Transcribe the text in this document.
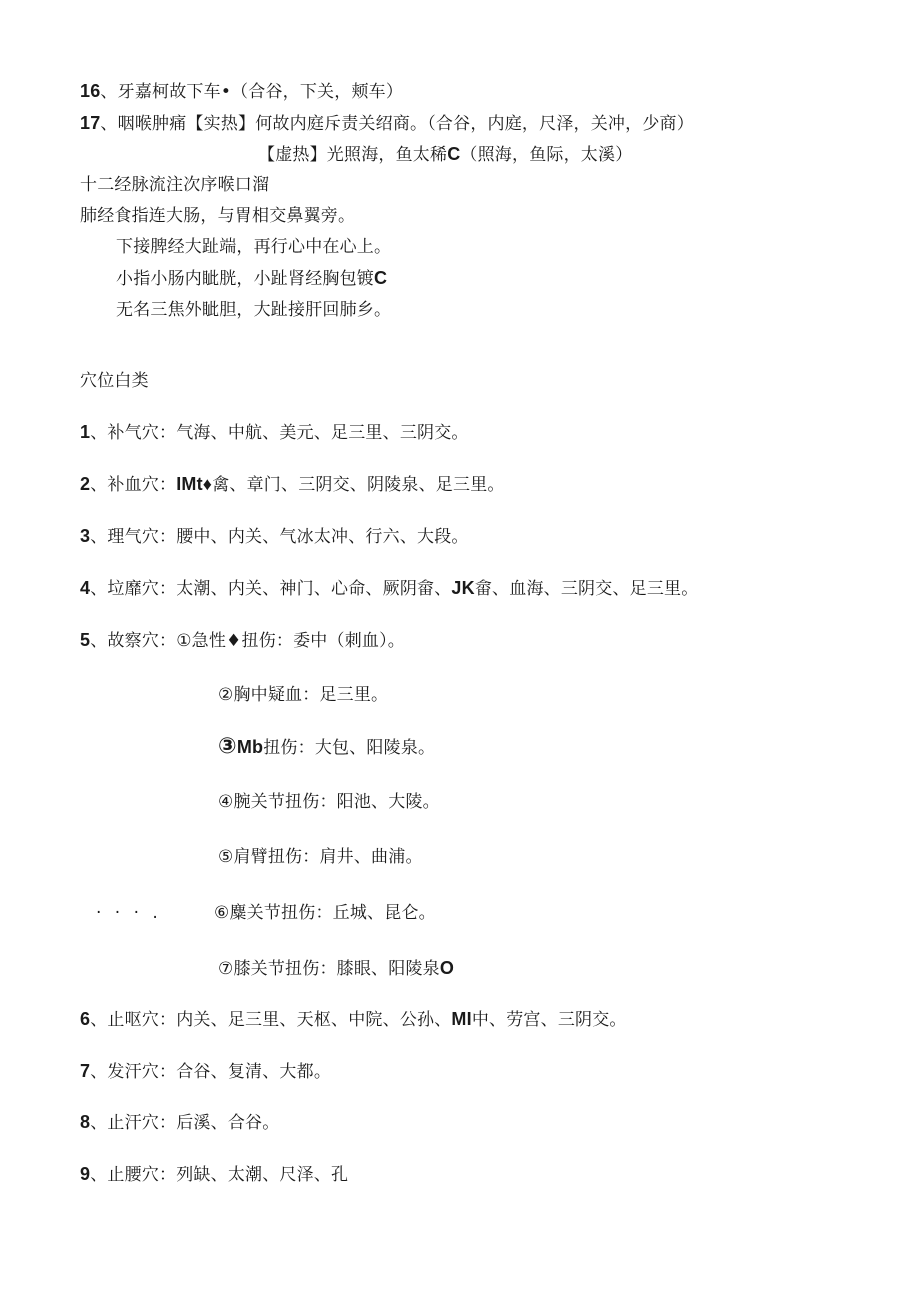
16、牙嘉柯故下车•（合谷，下关，颊车）
17、咽喉肿痛【实热】何故内庭斥责关绍商。（合谷，内庭，尺泽，关冲，少商）
【虚热】光照海，鱼太稀C（照海，鱼际，太溪）
十二经脉流注次序喉口溜
肺经食指连大肠，与胃相交鼻翼旁。
下接脾经大趾端，再行心中在心上。
小指小肠内眦胱，小趾肾经胸包镀C
无名三焦外眦胆，大趾接肝回肺乡。
穴位白类
1、补气穴：气海、中航、美元、足三里、三阴交。
2、补血穴：IMt♦禽、章门、三阴交、阴陵泉、足三里。
3、理气穴：腰中、内关、气冰太冲、行六、大段。
4、垃靡穴：太潮、内关、神门、心命、厥阴畲、JK畲、血海、三阴交、足三里。
5、故察穴：①急性♦扭伤：委中（刺血）。
②胸中疑血：足三里。
③Mb扭伤：大包、阳陵泉。
④腕关节扭伤：阳池、大陵。
⑤肩臂扭伤：肩井、曲浦。
· · · .	⑥麋关节扭伤：丘城、昆仑。
⑦膝关节扭伤：膝眼、阳陵泉O
6、止呕穴：内关、足三里、天枢、中院、公孙、MI中、劳宫、三阴交。
7、发汗穴：合谷、复清、大都。
8、止汗穴：后溪、合谷。
9、止腰穴：列缺、太潮、尺泽、孔
